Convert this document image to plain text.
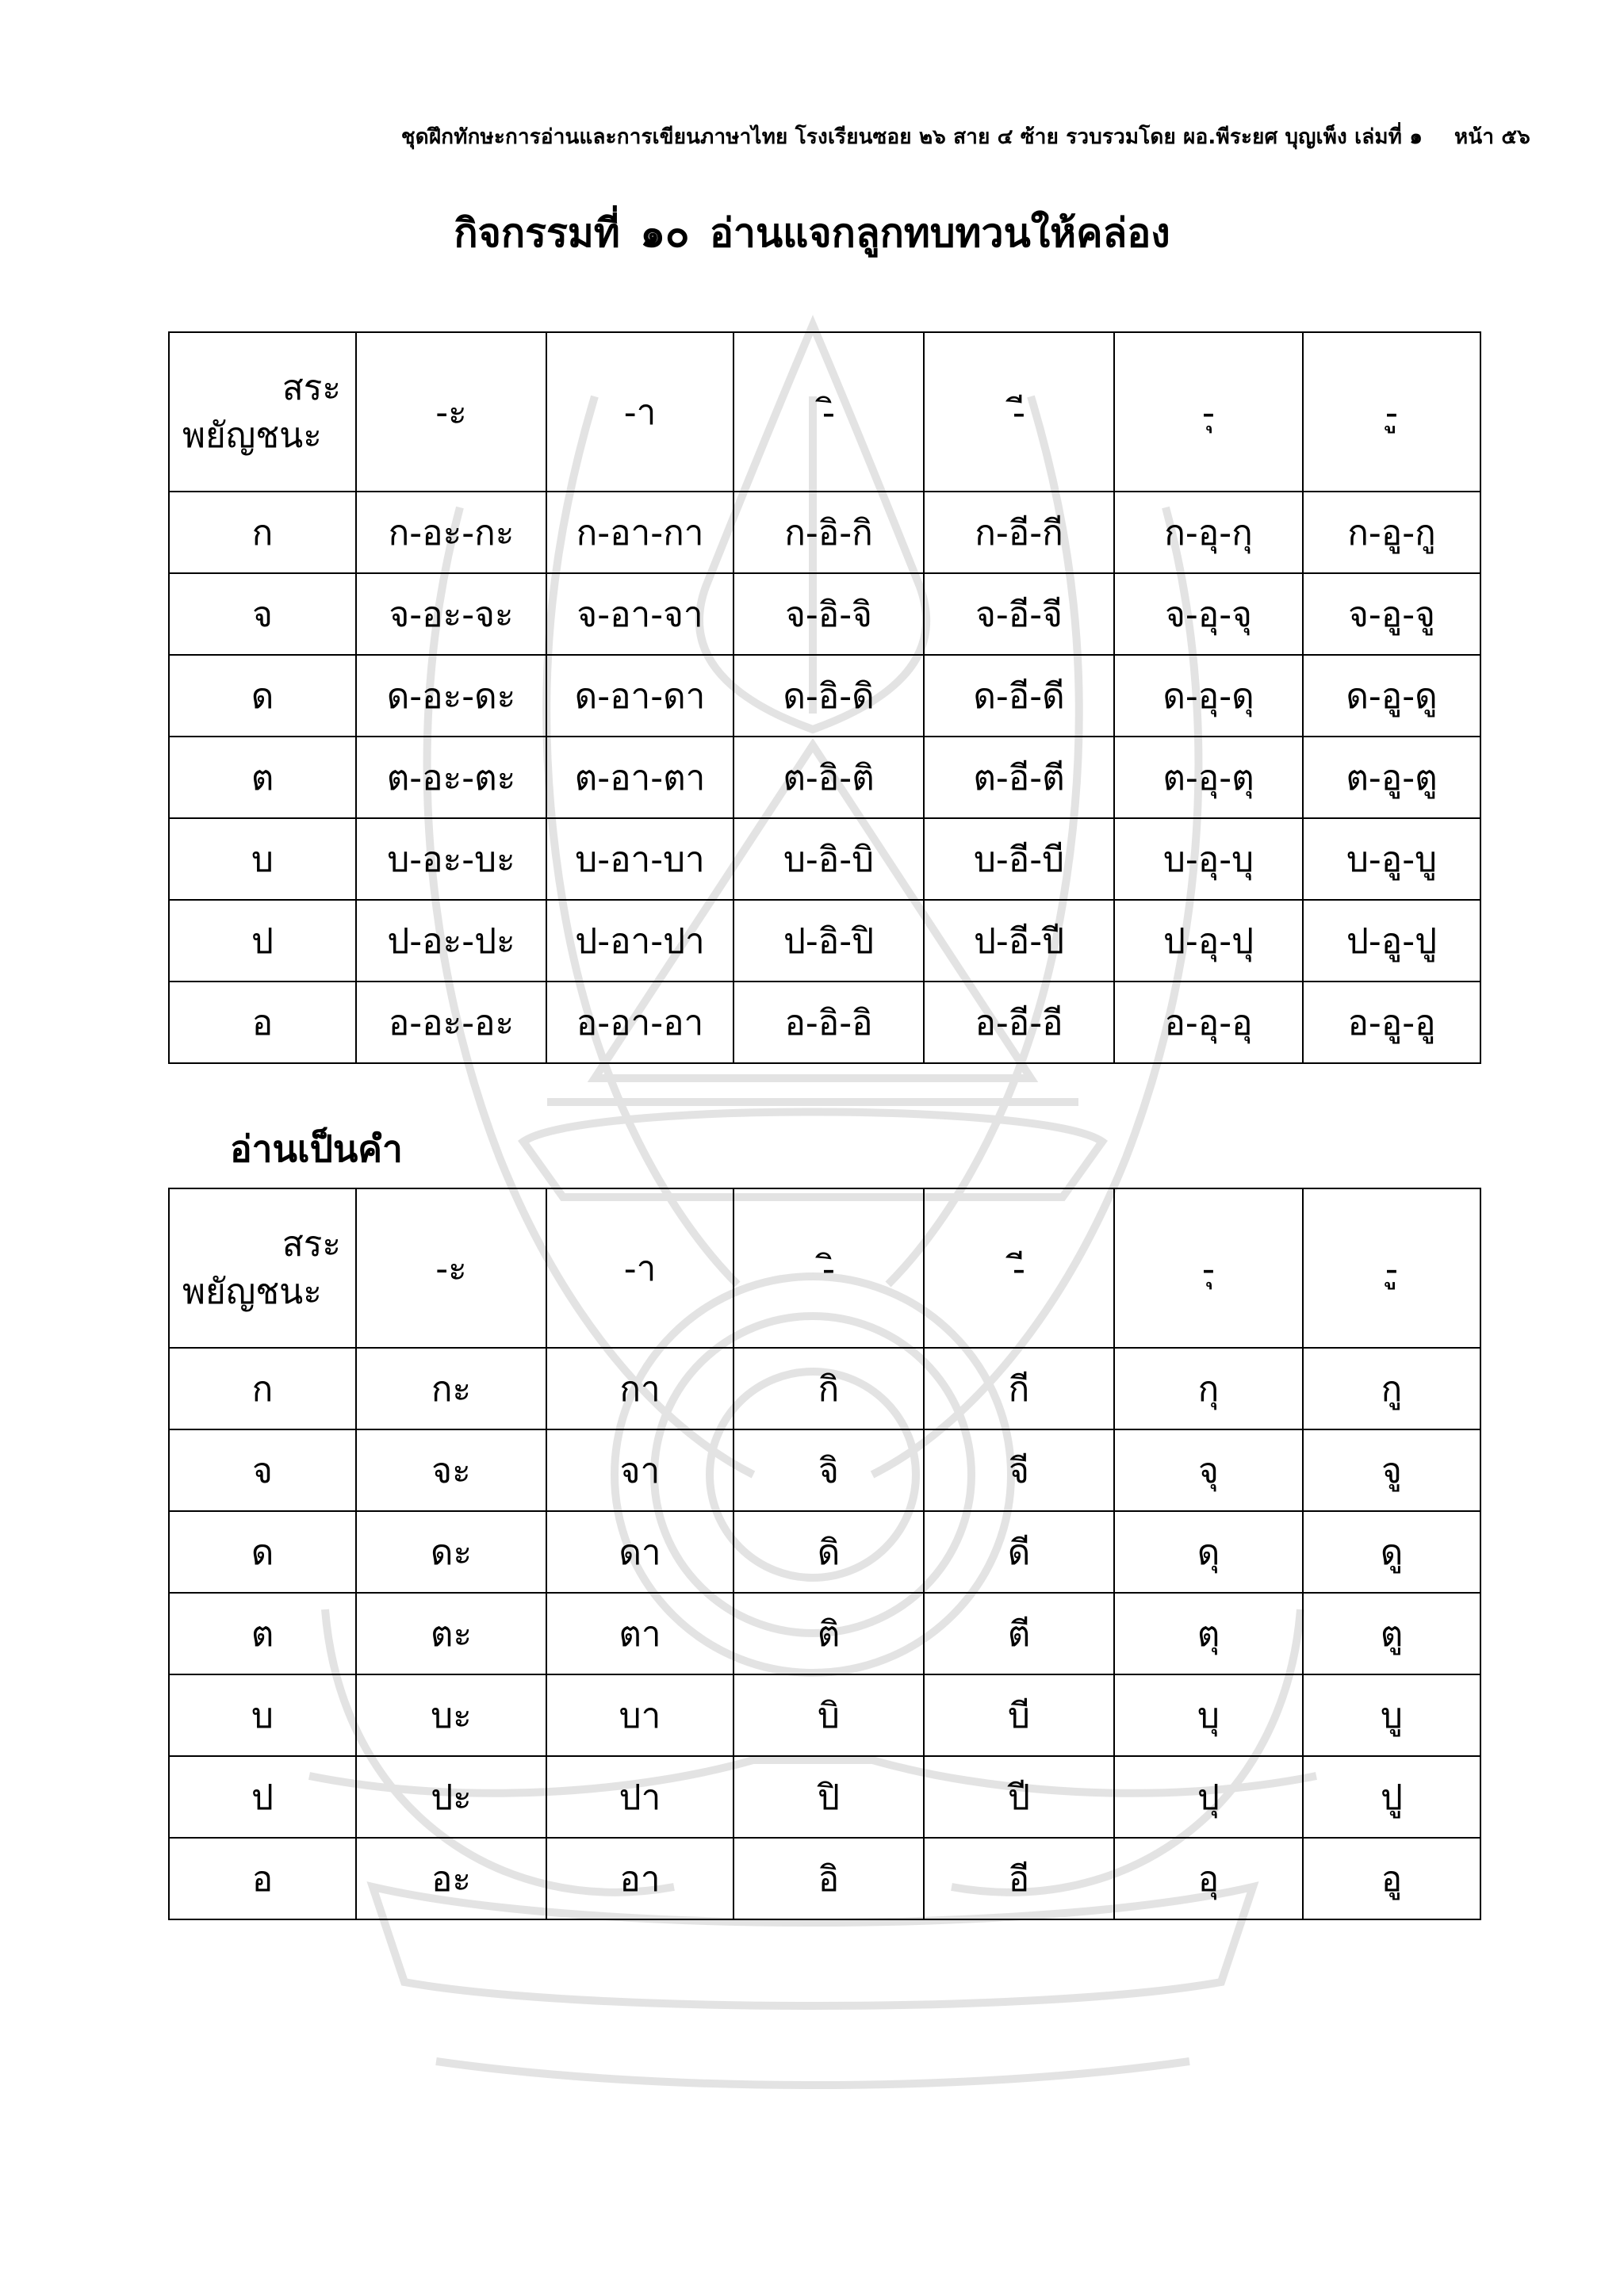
ชุดฝึกทักษะการอ่านและการเขียนภาษาไทย โรงเรียนซอย ๒๖ สาย ๔ ซ้าย รวบรวมโดย ผอ.พีระยศ บุญเพ็ง เล่มที่ ๑ หน้า ๕๖
กิจกรรมที่ ๑๐ อ่านแจกลูกทบทวนให้คล่อง
สระ
พยัญชนะ	-ะ	-า	-ิ	-ี	-ุ	-ู
ก	ก-อะ-กะ	ก-อา-กา	ก-อิ-กิ	ก-อี-กี	ก-อุ-กุ	ก-อู-กู
จ	จ-อะ-จะ	จ-อา-จา	จ-อิ-จิ	จ-อี-จี	จ-อุ-จุ	จ-อู-จู
ด	ด-อะ-ดะ	ด-อา-ดา	ด-อิ-ดิ	ด-อี-ดี	ด-อุ-ดุ	ด-อู-ดู
ต	ต-อะ-ตะ	ต-อา-ตา	ต-อิ-ติ	ต-อี-ตี	ต-อุ-ตุ	ต-อู-ตู
บ	บ-อะ-บะ	บ-อา-บา	บ-อิ-บิ	บ-อี-บี	บ-อุ-บุ	บ-อู-บู
ป	ป-อะ-ปะ	ป-อา-ปา	ป-อิ-ปิ	ป-อี-ปี	ป-อุ-ปุ	ป-อู-ปู
อ	อ-อะ-อะ	อ-อา-อา	อ-อิ-อิ	อ-อี-อี	อ-อุ-อุ	อ-อู-อู
อ่านเป็นคำ
สระ
พยัญชนะ	-ะ	-า	-ิ	-ี	-ุ	-ู
ก	กะ	กา	กิ	กี	กุ	กู
จ	จะ	จา	จิ	จี	จุ	จู
ด	ดะ	ดา	ดิ	ดี	ดุ	ดู
ต	ตะ	ตา	ติ	ตี	ตุ	ตู
บ	บะ	บา	บิ	บี	บุ	บู
ป	ปะ	ปา	ปิ	ปี	ปุ	ปู
อ	อะ	อา	อิ	อี	อุ	อู
